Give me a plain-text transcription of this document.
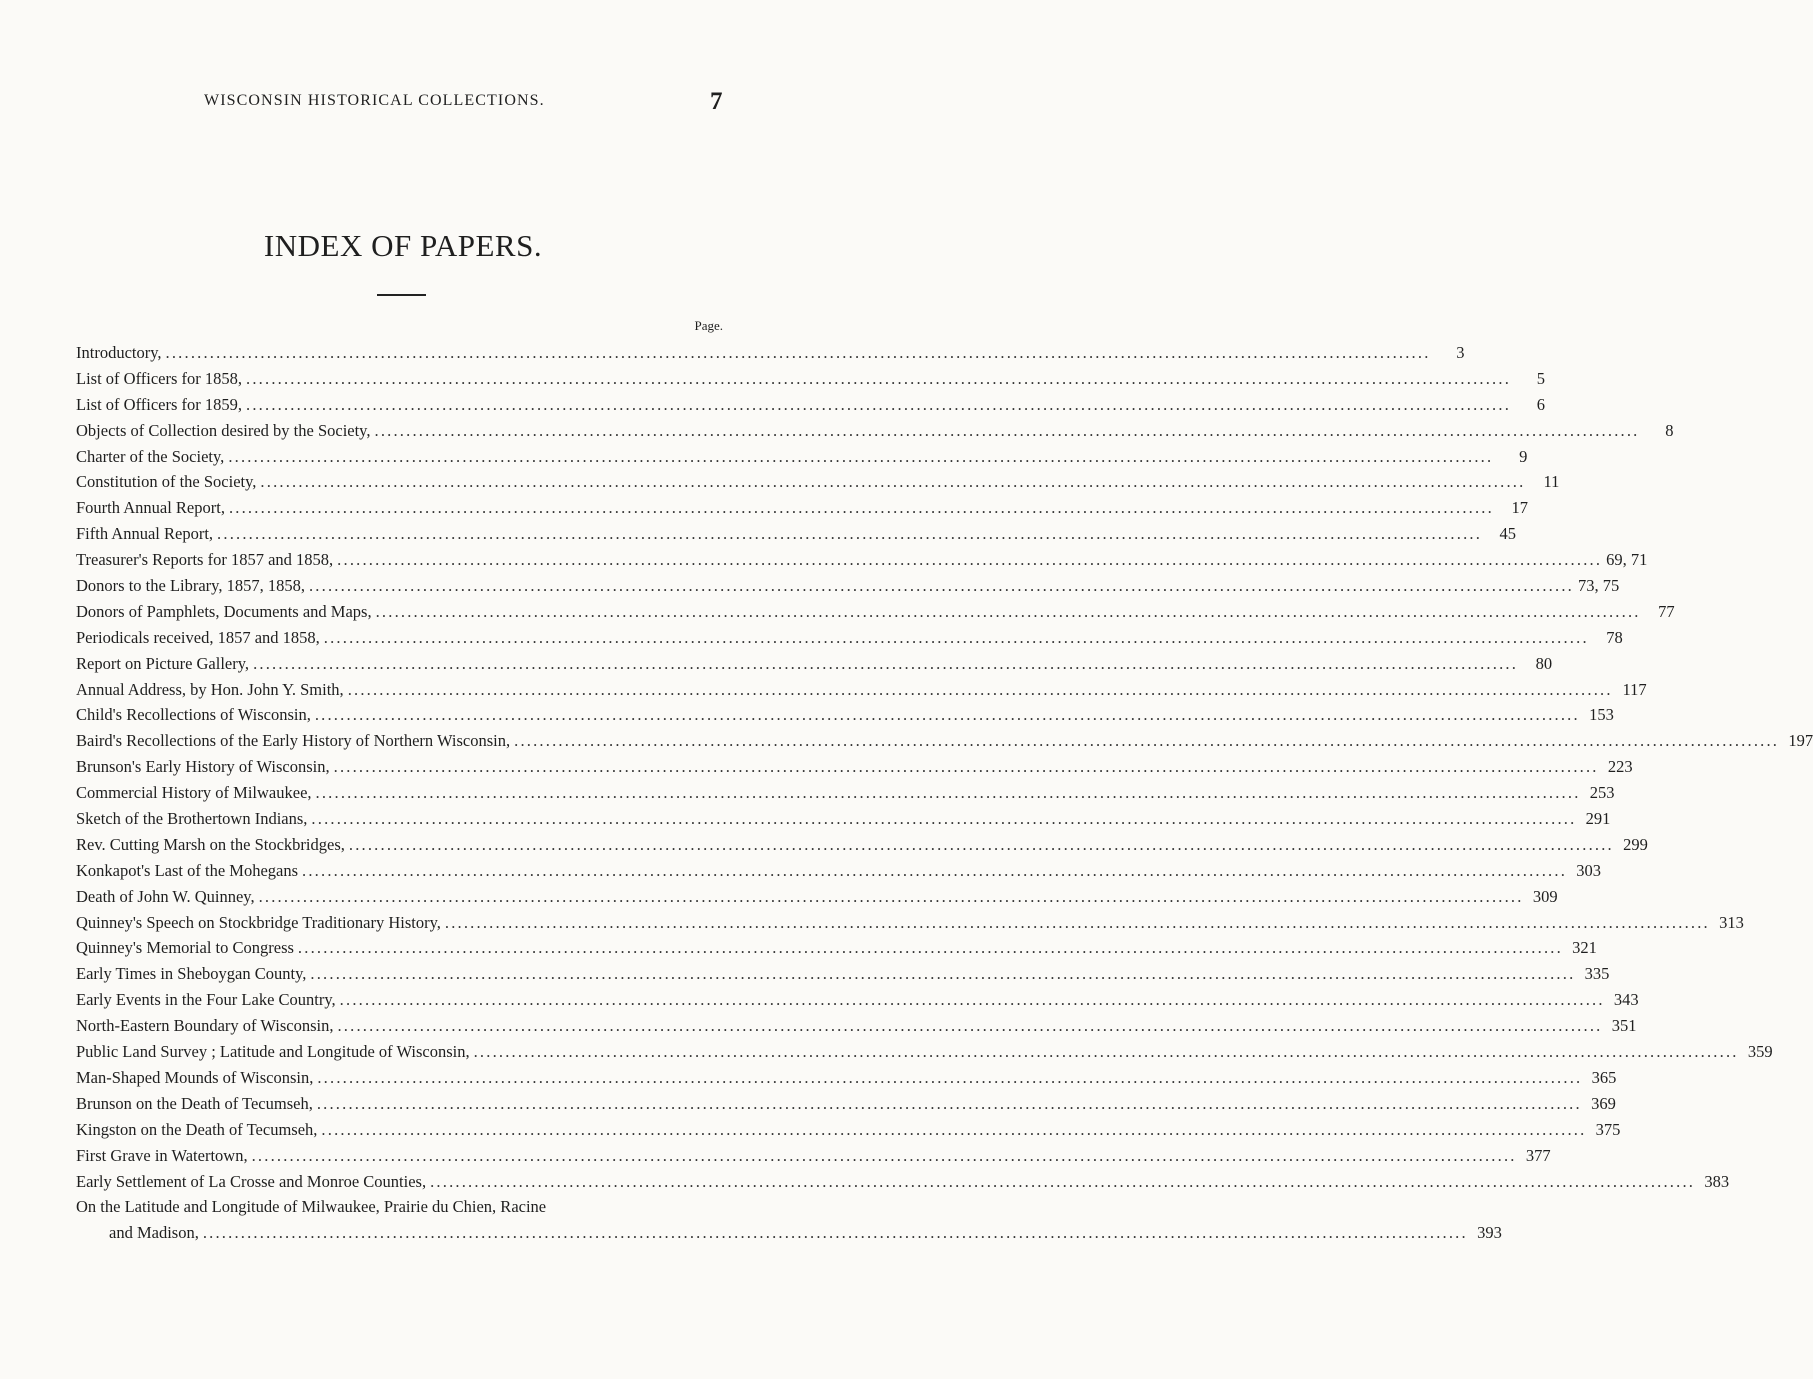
WISCONSIN HISTORICAL COLLECTIONS.	7
INDEX OF PAPERS.
Page.
Introductory, ........................................................................................................................................................................................................	3
List of Officers for 1858, ........................................................................................................................................................................................................	5
List of Officers for 1859, ........................................................................................................................................................................................................	6
Objects of Collection desired by the Society, ........................................................................................................................................................................................................	8
Charter of the Society, ........................................................................................................................................................................................................	9
Constitution of the Society, ........................................................................................................................................................................................................	11
Fourth Annual Report, ........................................................................................................................................................................................................	17
Fifth Annual Report, ........................................................................................................................................................................................................	45
Treasurer's Reports for 1857 and 1858, ........................................................................................................................................................................................................ 69, 71
Donors to the Library, 1857, 1858, ........................................................................................................................................................................................................ 73, 75
Donors of Pamphlets, Documents and Maps, ........................................................................................................................................................................................................	77
Periodicals received, 1857 and 1858, ........................................................................................................................................................................................................	78
Report on Picture Gallery, ........................................................................................................................................................................................................	80
Annual Address, by Hon. John Y. Smith, ........................................................................................................................................................................................................ 117
Child's Recollections of Wisconsin, ........................................................................................................................................................................................................ 153
Baird's Recollections of the Early History of Northern Wisconsin, ........................................................................................................................................................................................................ 197
Brunson's Early History of Wisconsin, ........................................................................................................................................................................................................ 223
Commercial History of Milwaukee, ........................................................................................................................................................................................................ 253
Sketch of the Brothertown Indians, ........................................................................................................................................................................................................ 291
Rev. Cutting Marsh on the Stockbridges, ........................................................................................................................................................................................................ 299
Konkapot's Last of the Mohegans ........................................................................................................................................................................................................ 303
Death of John W. Quinney, ........................................................................................................................................................................................................ 309
Quinney's Speech on Stockbridge Traditionary History, ........................................................................................................................................................................................................ 313
Quinney's Memorial to Congress ........................................................................................................................................................................................................ 321
Early Times in Sheboygan County, ........................................................................................................................................................................................................ 335
Early Events in the Four Lake Country, ........................................................................................................................................................................................................ 343
North-Eastern Boundary of Wisconsin, ........................................................................................................................................................................................................ 351
Public Land Survey ; Latitude and Longitude of Wisconsin, ........................................................................................................................................................................................................ 359
Man-Shaped Mounds of Wisconsin, ........................................................................................................................................................................................................ 365
Brunson on the Death of Tecumseh, ........................................................................................................................................................................................................ 369
Kingston on the Death of Tecumseh, ........................................................................................................................................................................................................ 375
First Grave in Watertown, ........................................................................................................................................................................................................ 377
Early Settlement of La Crosse and Monroe Counties, ........................................................................................................................................................................................................ 383
On the Latitude and Longitude of Milwaukee, Prairie du Chien, Racine
and Madison, ........................................................................................................................................................................................................ 393
